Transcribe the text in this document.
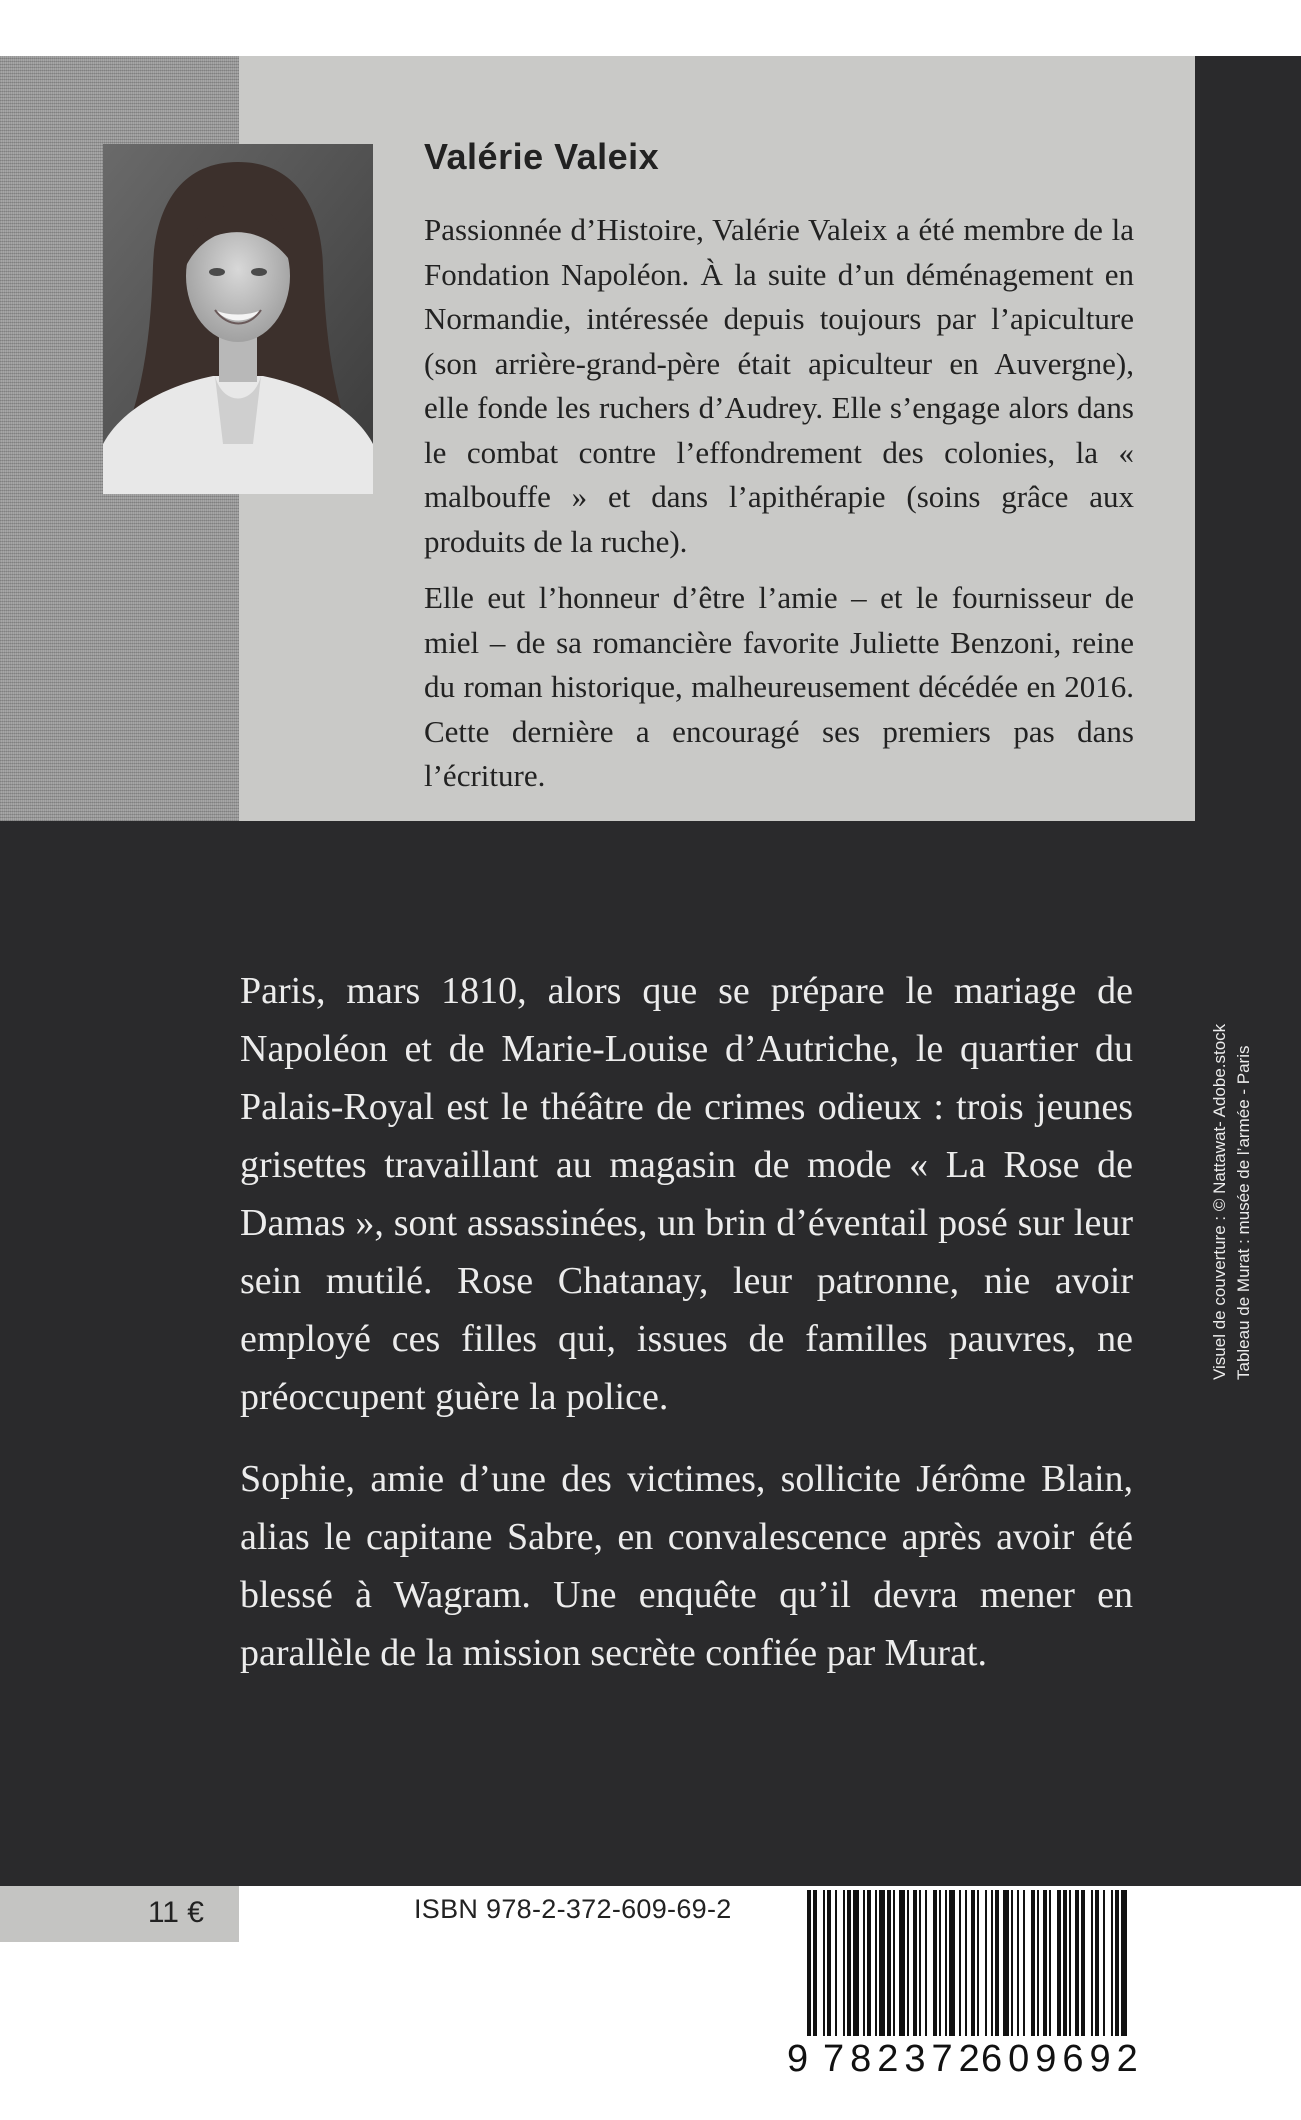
Valérie Valeix

Passionnée d’Histoire, Valérie Valeix a été membre de la Fondation Napoléon. À la suite d’un déménagement en Normandie, intéressée depuis toujours par l’apiculture (son arrière-grand-père était apiculteur en Auvergne), elle fonde les ruchers d’Audrey. Elle s’engage alors dans le combat contre l’effondrement des colonies, la « malbouffe » et dans l’apithérapie (soins grâce aux produits de la ruche).

Elle eut l’honneur d’être l’amie – et le fournisseur de miel – de sa romancière favorite Juliette Benzoni, reine du roman historique, malheureusement décédée en 2016. Cette dernière a encouragé ses premiers pas dans l’écriture.

Paris, mars 1810, alors que se prépare le mariage de Napoléon et de Marie-Louise d’Autriche, le quartier du Palais-Royal est le théâtre de crimes odieux : trois jeunes grisettes travaillant au magasin de mode « La Rose de Damas », sont assassinées, un brin d’éventail posé sur leur sein mutilé. Rose Chatanay, leur patronne, nie avoir employé ces filles qui, issues de familles pauvres, ne préoccupent guère la police.

Sophie, amie d’une des victimes, sollicite Jérôme Blain, alias le capitane Sabre, en convalescence après avoir été blessé à Wagram. Une enquête qu’il devra mener en parallèle de la mission secrète confiée par Murat.

Visuel de couverture : © Nattawat- Adobe.stock Tableau de Murat : musée de l’armée - Paris
11 €	ISBN 978-2-372-609-69-2
9 782372
609692
